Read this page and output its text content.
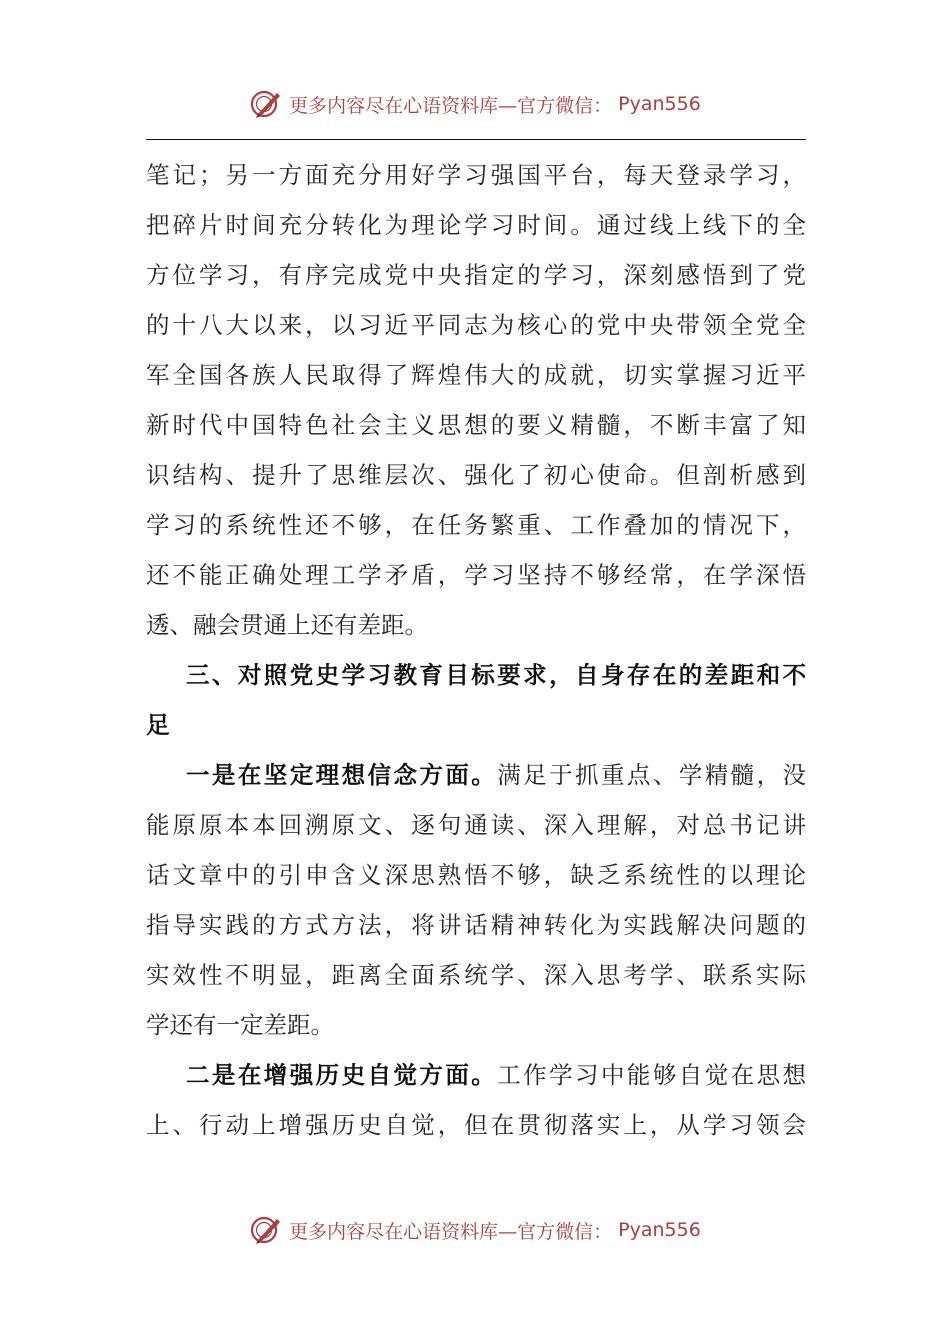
更多内容尽在心语资料库—官方微信： Pyan556
笔记；另一方面充分用好学习强国平台，每天登录学习，
把碎片时间充分转化为理论学习时间。通过线上线下的全
方位学习，有序完成党中央指定的学习，深刻感悟到了党
的十八大以来，以习近平同志为核心的党中央带领全党全
军全国各族人民取得了辉煌伟大的成就，切实掌握习近平
新时代中国特色社会主义思想的要义精髓，不断丰富了知
识结构、提升了思维层次、强化了初心使命。但剖析感到
学习的系统性还不够，在任务繁重、工作叠加的情况下，
还不能正确处理工学矛盾，学习坚持不够经常，在学深悟
透、融会贯通上还有差距。
三、对照党史学习教育目标要求，自身存在的差距和不
足
一是在坚定理想信念方面。满足于抓重点、学精髓，没
能原原本本回溯原文、逐句通读、深入理解，对总书记讲
话文章中的引申含义深思熟悟不够，缺乏系统性的以理论
指导实践的方式方法，将讲话精神转化为实践解决问题的
实效性不明显，距离全面系统学、深入思考学、联系实际
学还有一定差距。
二是在增强历史自觉方面。工作学习中能够自觉在思想
上、行动上增强历史自觉，但在贯彻落实上，从学习领会
更多内容尽在心语资料库—官方微信： Pyan556
